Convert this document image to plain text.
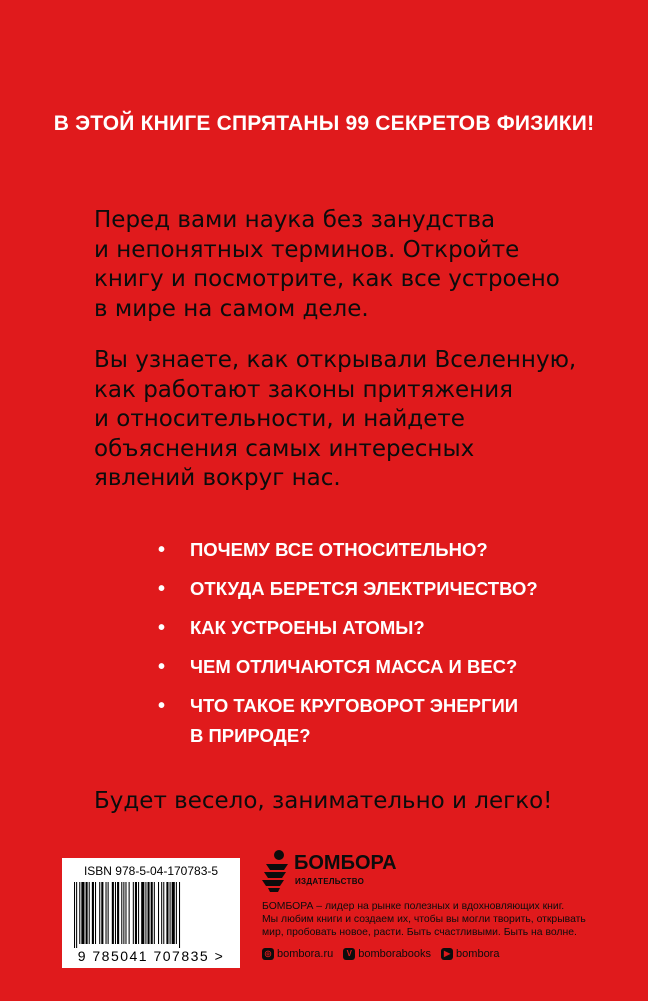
В ЭТОЙ КНИГЕ СПРЯТАНЫ 99 СЕКРЕТОВ ФИЗИКИ!

Перед вами наука без занудства
и непонятных терминов. Откройте
книгу и посмотрите, как все устроено
в мире на самом деле.

Вы узнаете, как открывали Вселенную,
как работают законы притяжения
и относительности, и найдете
объяснения самых интересных
явлений вокруг нас.

• ПОЧЕМУ ВСЕ ОТНОСИТЕЛЬНО?
• ОТКУДА БЕРЕТСЯ ЭЛЕКТРИЧЕСТВО?
• КАК УСТРОЕНЫ АТОМЫ?
• ЧЕМ ОТЛИЧАЮТСЯ МАССА И ВЕС?
• ЧТО ТАКОЕ КРУГОВОРОТ ЭНЕРГИИ
В ПРИРОДЕ?
Будет весело, занимательно и легко!
ISBN 978-5-04-170783-5
9 785041 707835 >
БОМБОРА
ИЗДАТЕЛЬСТВО

БОМБОРА – лидер на рынке полезных и вдохновляющих книг.
Мы любим книги и создаем их, чтобы вы могли творить, открывать
мир, пробовать новое, расти. Быть счастливыми. Быть на волне.

◎ bombora.ru	V bomborabooks	▶ bombora
